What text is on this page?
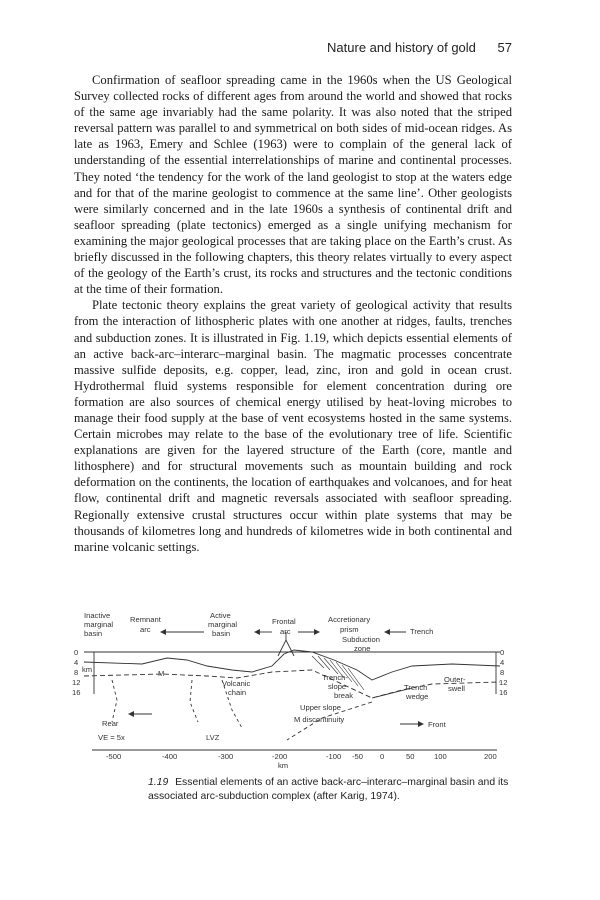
Nature and history of gold 57

Confirmation of seafloor spreading came in the 1960s when the US Geological Survey collected rocks of different ages from around the world and showed that rocks of the same age invariably had the same polarity. It was also noted that the striped reversal pattern was parallel to and symmetrical on both sides of mid-ocean ridges. As late as 1963, Emery and Schlee (1963) were to complain of the general lack of understanding of the essential interrelationships of marine and continental processes. They noted ‘the tendency for the work of the land geologist to stop at the waters edge and for that of the marine geologist to commence at the same line’. Other geologists were similarly concerned and in the late 1960s a synthesis of continental drift and seafloor spreading (plate tectonics) emerged as a single unifying mechanism for examining the major geological processes that are taking place on the Earth’s crust. As briefly discussed in the following chapters, this theory relates virtually to every aspect of the geology of the Earth’s crust, its rocks and structures and the tectonic conditions at the time of their formation.

Plate tectonic theory explains the great variety of geological activity that results from the interaction of lithospheric plates with one another at ridges, faults, trenches and subduction zones. It is illustrated in Fig. 1.19, which depicts essential elements of an active back-arc–interarc–marginal basin. The magmatic processes concentrate massive sulfide deposits, e.g. copper, lead, zinc, iron and gold in ocean crust. Hydrothermal fluid systems responsible for element concentration during ore formation are also sources of chemical energy utilised by heat-loving microbes to manage their food supply at the base of vent ecosystems hosted in the same systems. Certain microbes may relate to the base of the evolutionary tree of life. Scientific explanations are given for the layered structure of the Earth (core, mantle and lithosphere) and for structural movements such as mountain building and rock deformation on the continents, the location of earthquakes and volcanoes, and for heat flow, continental drift and magnetic reversals associated with seafloor spreading. Regionally extensive crustal structures occur within plate systems that may be thousands of kilometres long and hundreds of kilometres wide in both continental and marine volcanic settings.

Inactive
marginal
basin
Remnant
arc
Active
marginal
basin
Frontal
arc
Accretionary
prism	Trench
Subduction
zone
M
Volcanic
chain
Trench-
slope
break
Upper slope
M discontinuity
Trench
wedge
Outer-
swell
Rear	Front
VE = 5x	LVZ
0
4
8
12
16
km
0
4
8
12
16
-500	-400	-300	-200	-100 -50 0	50	100	200
km
1.19 Essential elements of an active back-arc–interarc–marginal basin and its associated arc-subduction complex (after Karig, 1974).
